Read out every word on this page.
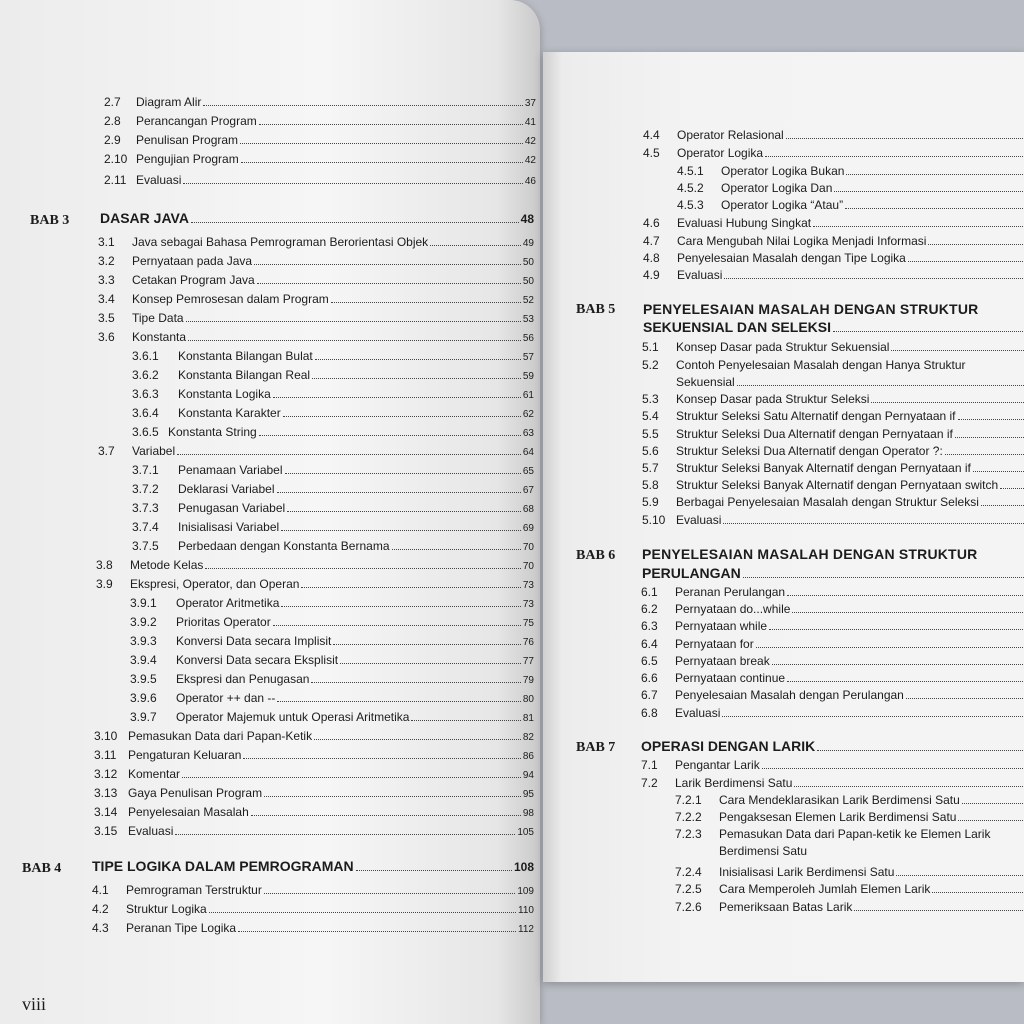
2.7	Diagram Alir	37
2.8	Perancangan Program	41
2.9	Penulisan Program	42
2.10 Pengujian Program	42
2.11 Evaluasi	46
BAB 3 DASAR JAVA	48
3.1	Java sebagai Bahasa Pemrograman Berorientasi Objek	49
3.2	Pernyataan pada Java	50
3.3	Cetakan Program Java	50
3.4	Konsep Pemrosesan dalam Program	52
3.5	Tipe Data	53
3.6	Konstanta	56
3.6.1	Konstanta Bilangan Bulat	57
3.6.2	Konstanta Bilangan Real	59
3.6.3	Konstanta Logika	61
3.6.4	Konstanta Karakter	62
3.6.5 Konstanta String	63
3.7	Variabel	64
3.7.1	Penamaan Variabel	65
3.7.2	Deklarasi Variabel	67
3.7.3	Penugasan Variabel	68
3.7.4	Inisialisasi Variabel	69
3.7.5	Perbedaan dengan Konstanta Bernama	70
3.8	Metode Kelas	70
3.9	Ekspresi, Operator, dan Operan	73
3.9.1	Operator Aritmetika	73
3.9.2	Prioritas Operator	75
3.9.3	Konversi Data secara Implisit	76
3.9.4	Konversi Data secara Eksplisit	77
3.9.5	Ekspresi dan Penugasan	79
3.9.6	Operator ++ dan --	80
3.9.7	Operator Majemuk untuk Operasi Aritmetika	81
3.10 Pemasukan Data dari Papan-Ketik	82
3.11 Pengaturan Keluaran	86
3.12 Komentar	94
3.13 Gaya Penulisan Program	95
3.14 Penyelesaian Masalah	98
3.15 Evaluasi	105
BAB 4 TIPE LOGIKA DALAM PEMROGRAMAN	108
4.1	Pemrograman Terstruktur	109
4.2	Struktur Logika	110
4.3	Peranan Tipe Logika	112
viii
4.4	Operator Relasional
4.5	Operator Logika
4.5.1	Operator Logika Bukan
4.5.2	Operator Logika Dan
4.5.3	Operator Logika “Atau”
4.6	Evaluasi Hubung Singkat
4.7	Cara Mengubah Nilai Logika Menjadi Informasi
4.8	Penyelesaian Masalah dengan Tipe Logika
4.9	Evaluasi
BAB 5 PENYELESAIAN MASALAH DENGAN STRUKTUR
SEKUENSIAL DAN SELEKSI
5.1	Konsep Dasar pada Struktur Sekuensial
5.2 Contoh Penyelesaian Masalah dengan Hanya Struktur
Sekuensial
5.3	Konsep Dasar pada Struktur Seleksi
5.4	Struktur Seleksi Satu Alternatif dengan Pernyataan if
5.5	Struktur Seleksi Dua Alternatif dengan Pernyataan if
5.6	Struktur Seleksi Dua Alternatif dengan Operator ?:
5.7	Struktur Seleksi Banyak Alternatif dengan Pernyataan if
5.8	Struktur Seleksi Banyak Alternatif dengan Pernyataan switch
5.9	Berbagai Penyelesaian Masalah dengan Struktur Seleksi
5.10 Evaluasi
BAB 6 PENYELESAIAN MASALAH DENGAN STRUKTUR
PERULANGAN
6.1	Peranan Perulangan
6.2	Pernyataan do...while
6.3	Pernyataan while
6.4	Pernyataan for
6.5	Pernyataan break
6.6	Pernyataan continue
6.7	Penyelesaian Masalah dengan Perulangan
6.8	Evaluasi
BAB 7 OPERASI DENGAN LARIK
7.1	Pengantar Larik
7.2	Larik Berdimensi Satu
7.2.1	Cara Mendeklarasikan Larik Berdimensi Satu
7.2.2	Pengaksesan Elemen Larik Berdimensi Satu
7.2.3 Pemasukan Data dari Papan-ketik ke Elemen Larik
Berdimensi Satu
7.2.4	Inisialisasi Larik Berdimensi Satu
7.2.5	Cara Memperoleh Jumlah Elemen Larik
7.2.6	Pemeriksaan Batas Larik
